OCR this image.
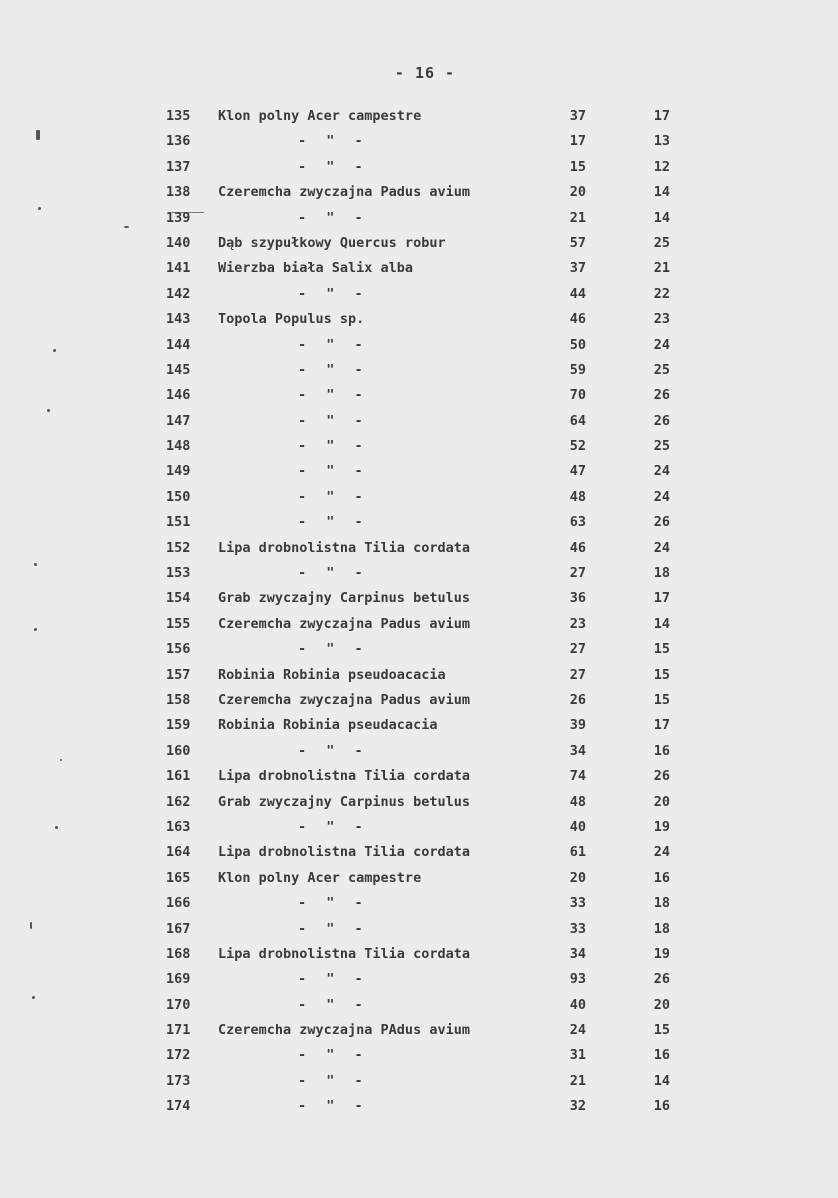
- 16 -
135	Klon polny Acer campestre	37	17
136	- " -	17	13
137	- " -	15	12
138	Czeremcha zwyczajna Padus avium	20	14
139	- " -	21	14
140	Dąb szypułkowy Quercus robur	57	25
141	Wierzba biała Salix alba	37	21
142	- " -	44	22
143	Topola Populus sp.	46	23
144	- " -	50	24
145	- " -	59	25
146	- " -	70	26
147	- " -	64	26
148	- " -	52	25
149	- " -	47	24
150	- " -	48	24
151	- " -	63	26
152	Lipa drobnolistna Tilia cordata	46	24
153	- " -	27	18
154	Grab zwyczajny Carpinus betulus	36	17
155	Czeremcha zwyczajna Padus avium	23	14
156	- " -	27	15
157	Robinia Robinia pseudoacacia	27	15
158	Czeremcha zwyczajna Padus avium	26	15
159	Robinia Robinia pseudacacia	39	17
160	- " -	34	16
161	Lipa drobnolistna Tilia cordata	74	26
162	Grab zwyczajny Carpinus betulus	48	20
163	- " -	40	19
164	Lipa drobnolistna Tilia cordata	61	24
165	Klon polny Acer campestre	20	16
166	- " -	33	18
167	- " -	33	18
168	Lipa drobnolistna Tilia cordata	34	19
169	- " -	93	26
170	- " -	40	20
171	Czeremcha zwyczajna PAdus avium	24	15
172	- " -	31	16
173	- " -	21	14
174	- " -	32	16
